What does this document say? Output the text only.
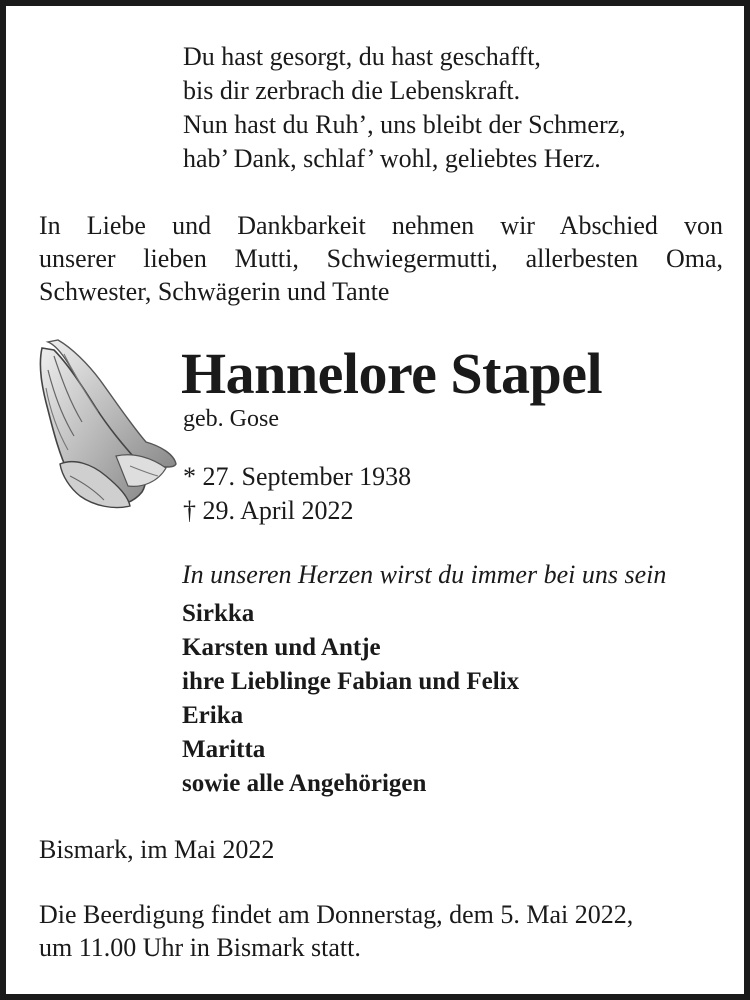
Du hast gesorgt, du hast geschafft,
bis dir zerbrach die Lebenskraft.
Nun hast du Ruh’, uns bleibt der Schmerz,
hab’ Dank, schlaf’ wohl, geliebtes Herz.
In Liebe und Dankbarkeit nehmen wir Abschied von
unserer lieben Mutti, Schwiegermutti, allerbesten Oma,
Schwester, Schwägerin und Tante
Hannelore Stapel
geb. Gose
* 27. September 1938
† 29. April 2022
In unseren Herzen wirst du immer bei uns sein
Sirkka
Karsten und Antje
ihre Lieblinge Fabian und Felix
Erika
Maritta
sowie alle Angehörigen
Bismark, im Mai 2022
Die Beerdigung findet am Donnerstag, dem 5. Mai 2022,
um 11.00 Uhr in Bismark statt.
